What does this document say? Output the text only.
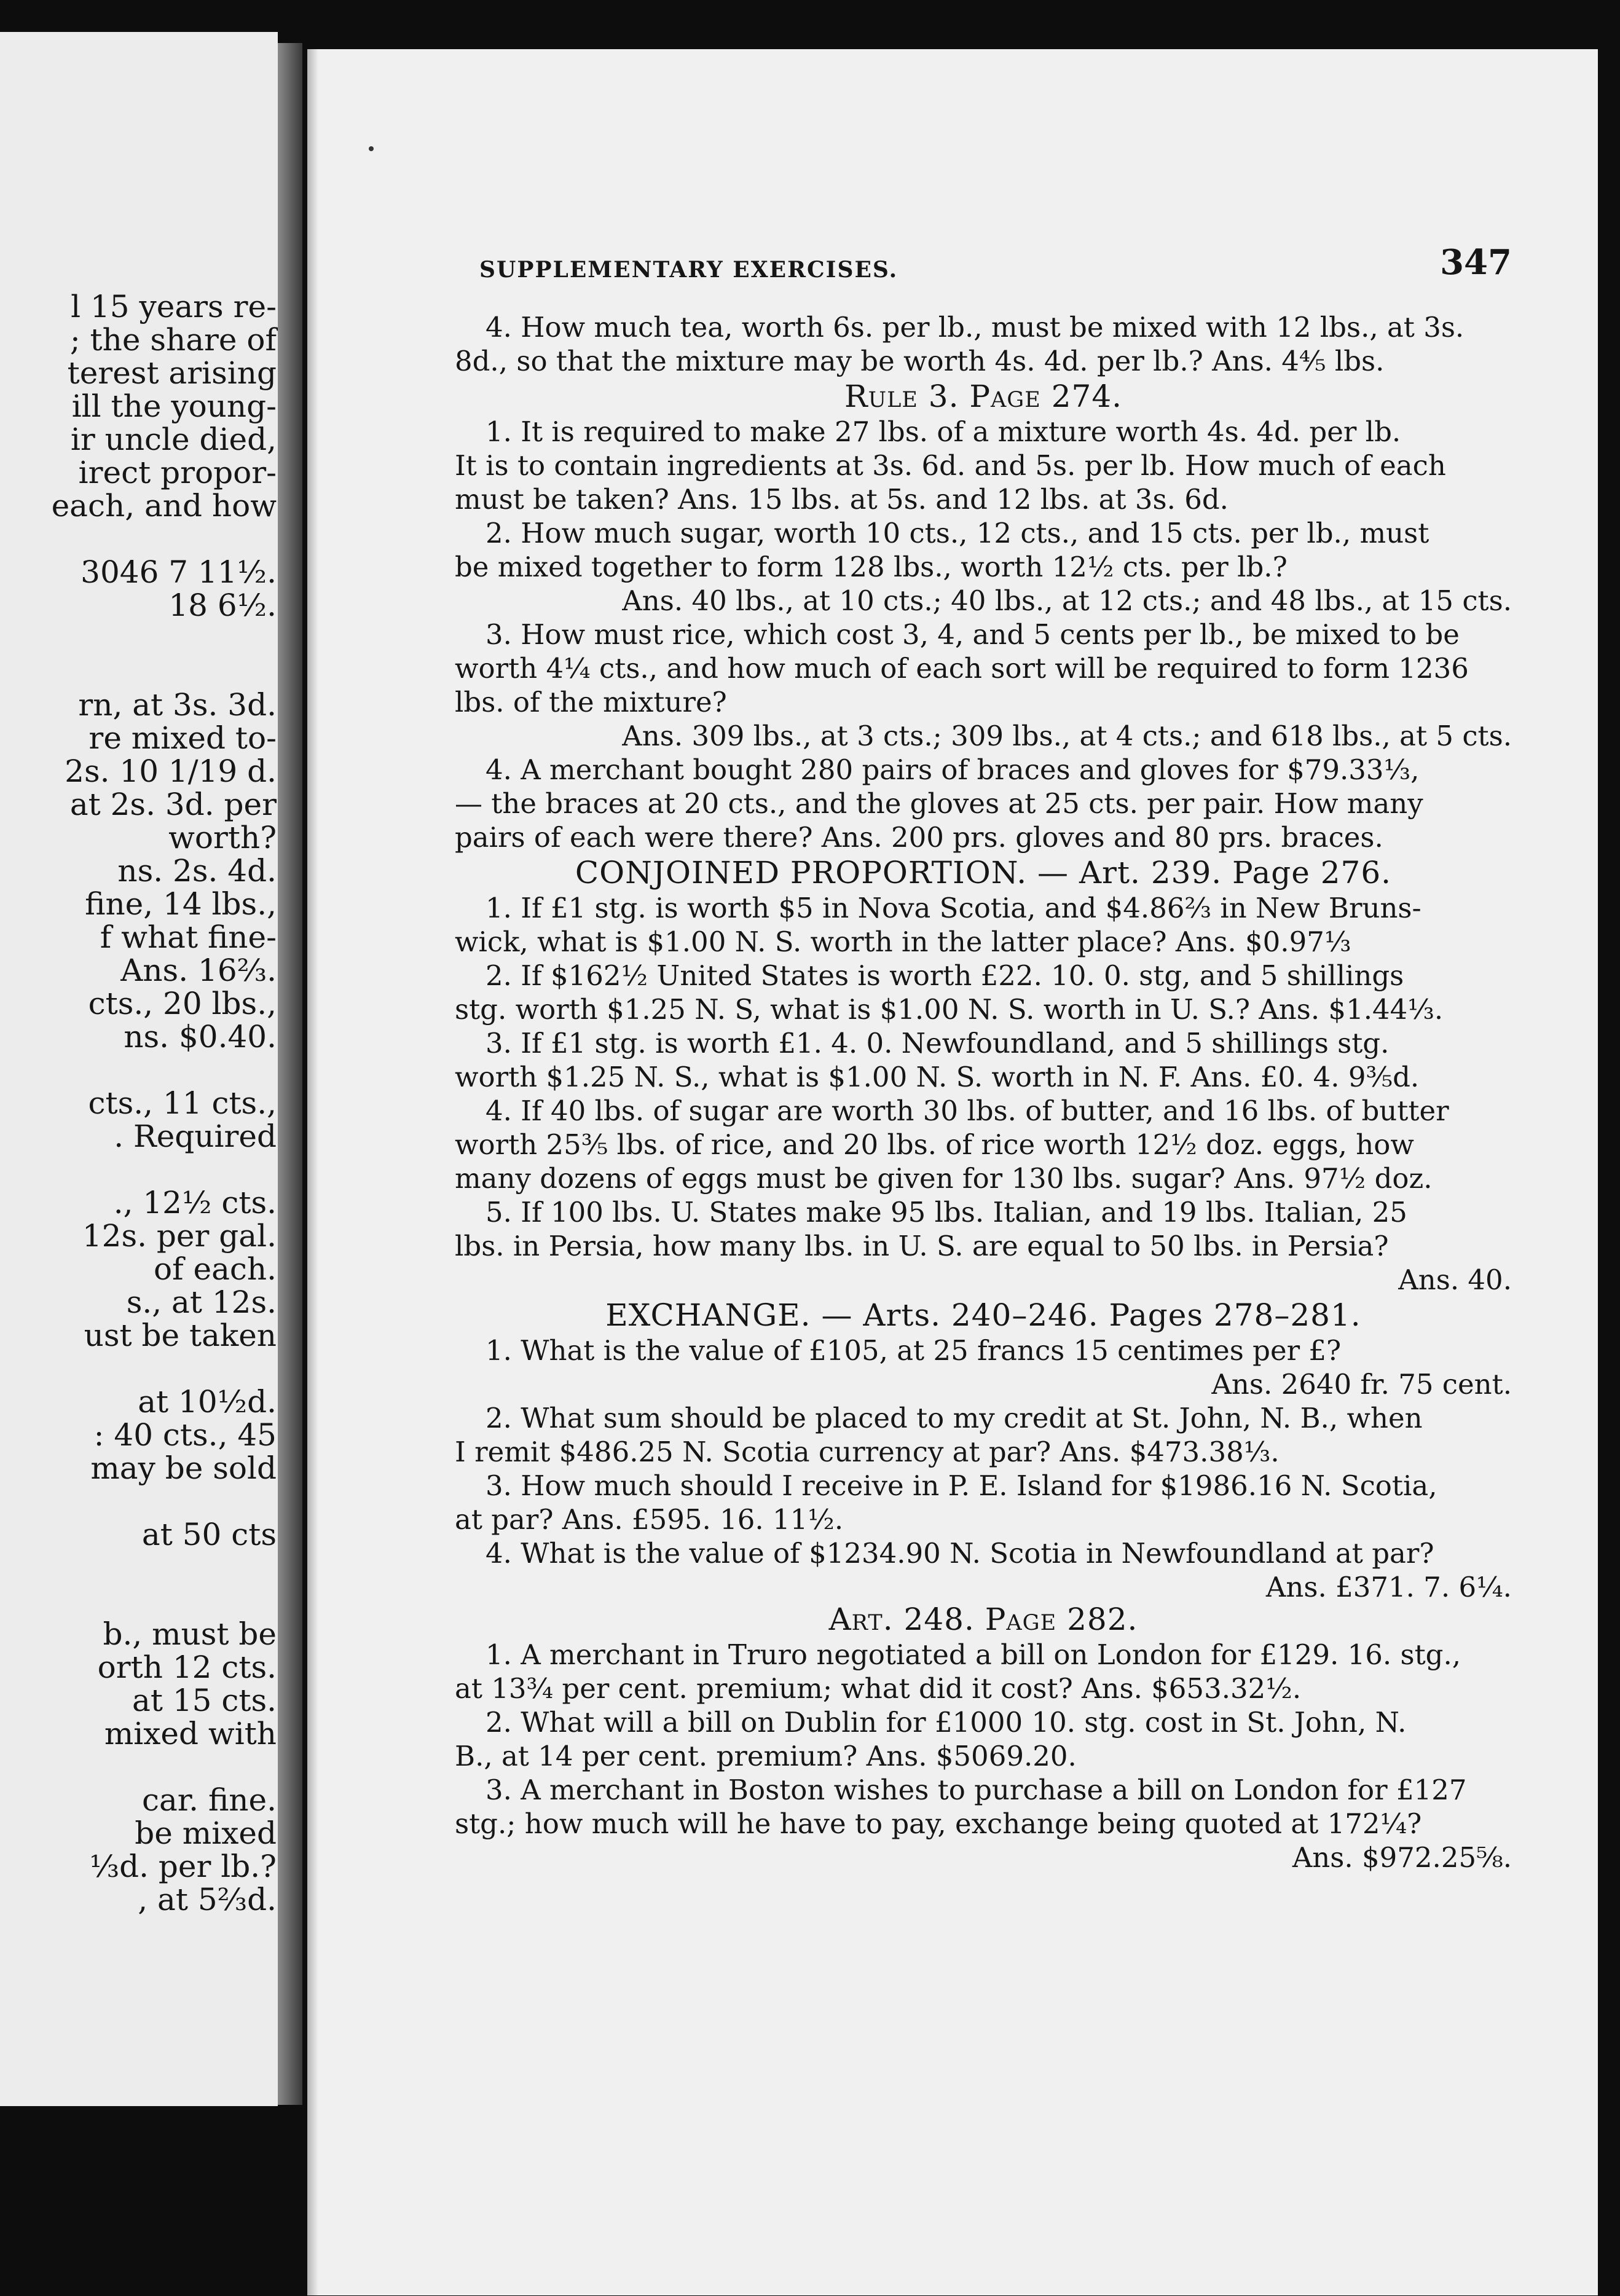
l 15 years re-
; the share of
terest arising
ill the young-
ir uncle died,
irect propor-
each, and how
3046 7 11½.
18 6½.
rn, at 3s. 3d.
re mixed to-
2s. 10 1/19 d.
at 2s. 3d. per
worth?
ns. 2s. 4d.
fine, 14 lbs.,
f what fine-
Ans. 16⅔.
cts., 20 lbs.,
ns. $0.40.
cts., 11 cts.,
. Required
., 12½ cts.
12s. per gal.
of each.
s., at 12s.
ust be taken
at 10½d.
: 40 cts., 45
may be sold
at 50 cts
b., must be
orth 12 cts.
at 15 cts.
mixed with
car. fine.
be mixed
⅓d. per lb.?
, at 5⅔d.
SUPPLEMENTARY EXERCISES.	347
4. How much tea, worth 6s. per lb., must be mixed with 12 lbs., at 3s.
8d., so that the mixture may be worth 4s. 4d. per lb.? Ans. 4⅘ lbs.
Rule 3. Page 274.
1. It is required to make 27 lbs. of a mixture worth 4s. 4d. per lb.
It is to contain ingredients at 3s. 6d. and 5s. per lb. How much of each
must be taken? Ans. 15 lbs. at 5s. and 12 lbs. at 3s. 6d.
2. How much sugar, worth 10 cts., 12 cts., and 15 cts. per lb., must
be mixed together to form 128 lbs., worth 12½ cts. per lb.?
Ans. 40 lbs., at 10 cts.; 40 lbs., at 12 cts.; and 48 lbs., at 15 cts.
3. How must rice, which cost 3, 4, and 5 cents per lb., be mixed to be
worth 4¼ cts., and how much of each sort will be required to form 1236
lbs. of the mixture?
Ans. 309 lbs., at 3 cts.; 309 lbs., at 4 cts.; and 618 lbs., at 5 cts.
4. A merchant bought 280 pairs of braces and gloves for $79.33⅓,
— the braces at 20 cts., and the gloves at 25 cts. per pair. How many
pairs of each were there? Ans. 200 prs. gloves and 80 prs. braces.
CONJOINED PROPORTION. — Art. 239. Page 276.
1. If £1 stg. is worth $5 in Nova Scotia, and $4.86⅔ in New Bruns-
wick, what is $1.00 N. S. worth in the latter place? Ans. $0.97⅓
2. If $162½ United States is worth £22. 10. 0. stg, and 5 shillings
stg. worth $1.25 N. S, what is $1.00 N. S. worth in U. S.? Ans. $1.44⅓.
3. If £1 stg. is worth £1. 4. 0. Newfoundland, and 5 shillings stg.
worth $1.25 N. S., what is $1.00 N. S. worth in N. F. Ans. £0. 4. 9⅗d.
4. If 40 lbs. of sugar are worth 30 lbs. of butter, and 16 lbs. of butter
worth 25⅗ lbs. of rice, and 20 lbs. of rice worth 12½ doz. eggs, how
many dozens of eggs must be given for 130 lbs. sugar? Ans. 97½ doz.
5. If 100 lbs. U. States make 95 lbs. Italian, and 19 lbs. Italian, 25
lbs. in Persia, how many lbs. in U. S. are equal to 50 lbs. in Persia?
Ans. 40.
EXCHANGE. — Arts. 240–246. Pages 278–281.
1. What is the value of £105, at 25 francs 15 centimes per £?
Ans. 2640 fr. 75 cent.
2. What sum should be placed to my credit at St. John, N. B., when
I remit $486.25 N. Scotia currency at par? Ans. $473.38⅓.
3. How much should I receive in P. E. Island for $1986.16 N. Scotia,
at par? Ans. £595. 16. 11½.
4. What is the value of $1234.90 N. Scotia in Newfoundland at par?
Ans. £371. 7. 6¼.
Art. 248. Page 282.
1. A merchant in Truro negotiated a bill on London for £129. 16. stg.,
at 13¾ per cent. premium; what did it cost? Ans. $653.32½.
2. What will a bill on Dublin for £1000 10. stg. cost in St. John, N.
B., at 14 per cent. premium? Ans. $5069.20.
3. A merchant in Boston wishes to purchase a bill on London for £127
stg.; how much will he have to pay, exchange being quoted at 172¼?
Ans. $972.25⅝.
